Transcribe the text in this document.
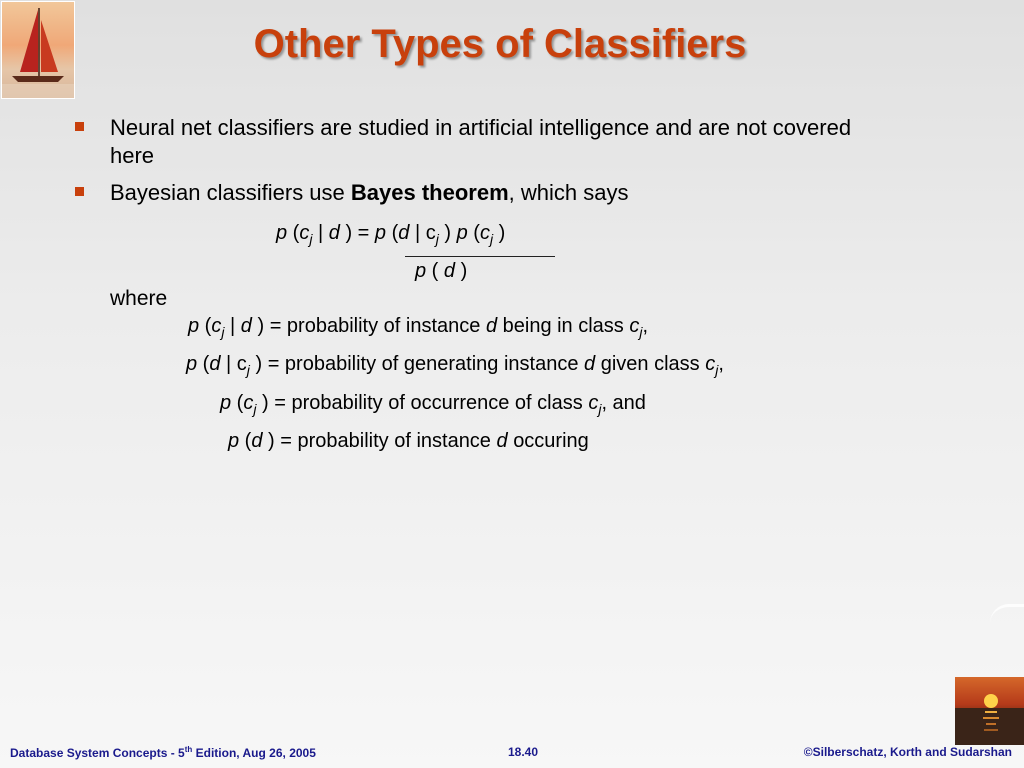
Other Types of Classifiers
Neural net classifiers are studied in artificial intelligence and are not covered
here
Bayesian classifiers use Bayes theorem, which says
p ($c_j$ | d ) = p (d | $c_j$ ) p ($c_j$ )
p ( d )
where
p ($c_j$ | d ) = probability of instance d being in class $c_j$,
p (d | $c_j$ ) = probability of generating instance d given class $c_j$,
p ($c_j$ ) = probability of occurrence of class $c_j$, and
p (d ) = probability of instance d occuring
Database System Concepts - 5th Edition, Aug 26, 2005	18.40	©Silberschatz, Korth and Sudarshan
